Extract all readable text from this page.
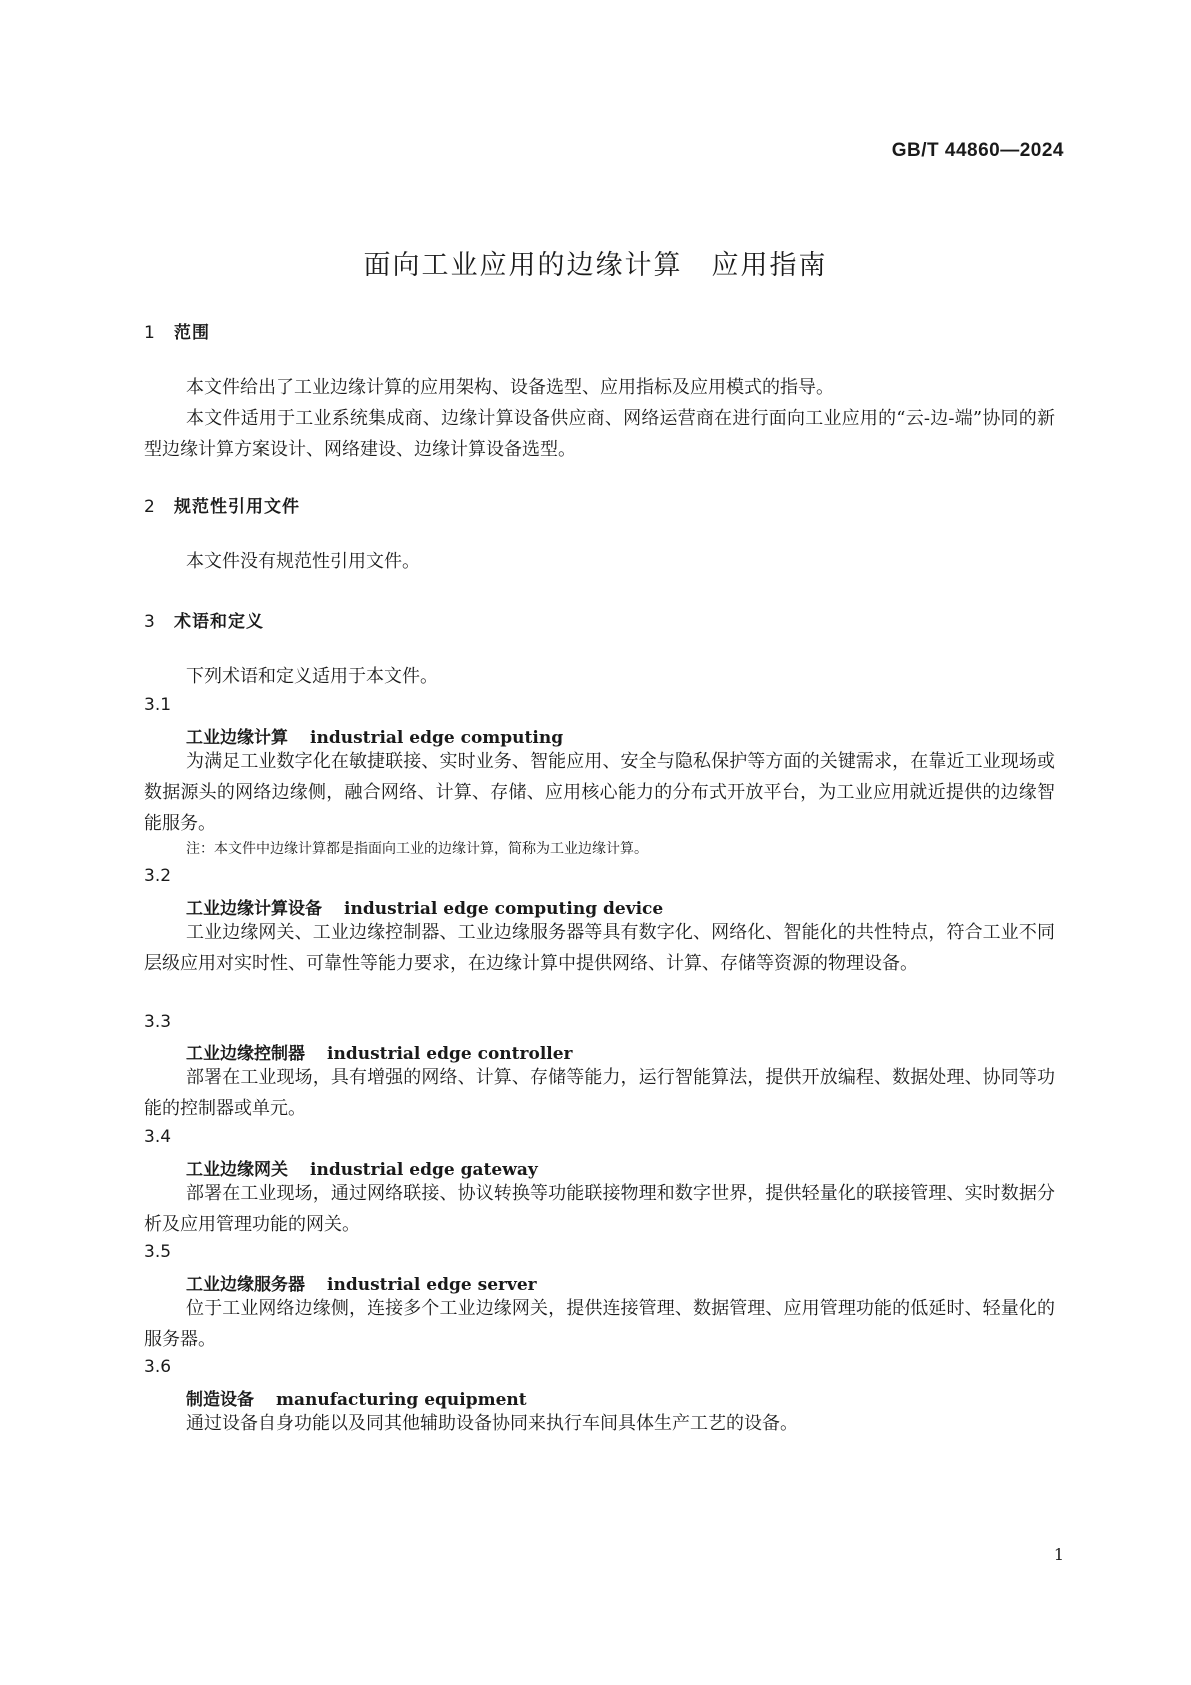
GB/T 44860—2024
面向工业应用的边缘计算　应用指南
1 范围
本文件给出了工业边缘计算的应用架构、设备选型、应用指标及应用模式的指导。
本文件适用于工业系统集成商、边缘计算设备供应商、网络运营商在进行面向工业应用的“云-边-端”协同的新型边缘计算方案设计、网络建设、边缘计算设备选型。
2 规范性引用文件
本文件没有规范性引用文件。
3 术语和定义
下列术语和定义适用于本文件。
3.1
工业边缘计算 industrial edge computing
为满足工业数字化在敏捷联接、实时业务、智能应用、安全与隐私保护等方面的关键需求，在靠近工业现场或数据源头的网络边缘侧，融合网络、计算、存储、应用核心能力的分布式开放平台，为工业应用就近提供的边缘智能服务。
注：本文件中边缘计算都是指面向工业的边缘计算，简称为工业边缘计算。
3.2
工业边缘计算设备 industrial edge computing device
工业边缘网关、工业边缘控制器、工业边缘服务器等具有数字化、网络化、智能化的共性特点，符合工业不同层级应用对实时性、可靠性等能力要求，在边缘计算中提供网络、计算、存储等资源的物理设备。
3.3
工业边缘控制器 industrial edge controller
部署在工业现场，具有增强的网络、计算、存储等能力，运行智能算法，提供开放编程、数据处理、协同等功能的控制器或单元。
3.4
工业边缘网关 industrial edge gateway
部署在工业现场，通过网络联接、协议转换等功能联接物理和数字世界，提供轻量化的联接管理、实时数据分析及应用管理功能的网关。
3.5
工业边缘服务器 industrial edge server
位于工业网络边缘侧，连接多个工业边缘网关，提供连接管理、数据管理、应用管理功能的低延时、轻量化的服务器。
3.6
制造设备 manufacturing equipment
通过设备自身功能以及同其他辅助设备协同来执行车间具体生产工艺的设备。
1
